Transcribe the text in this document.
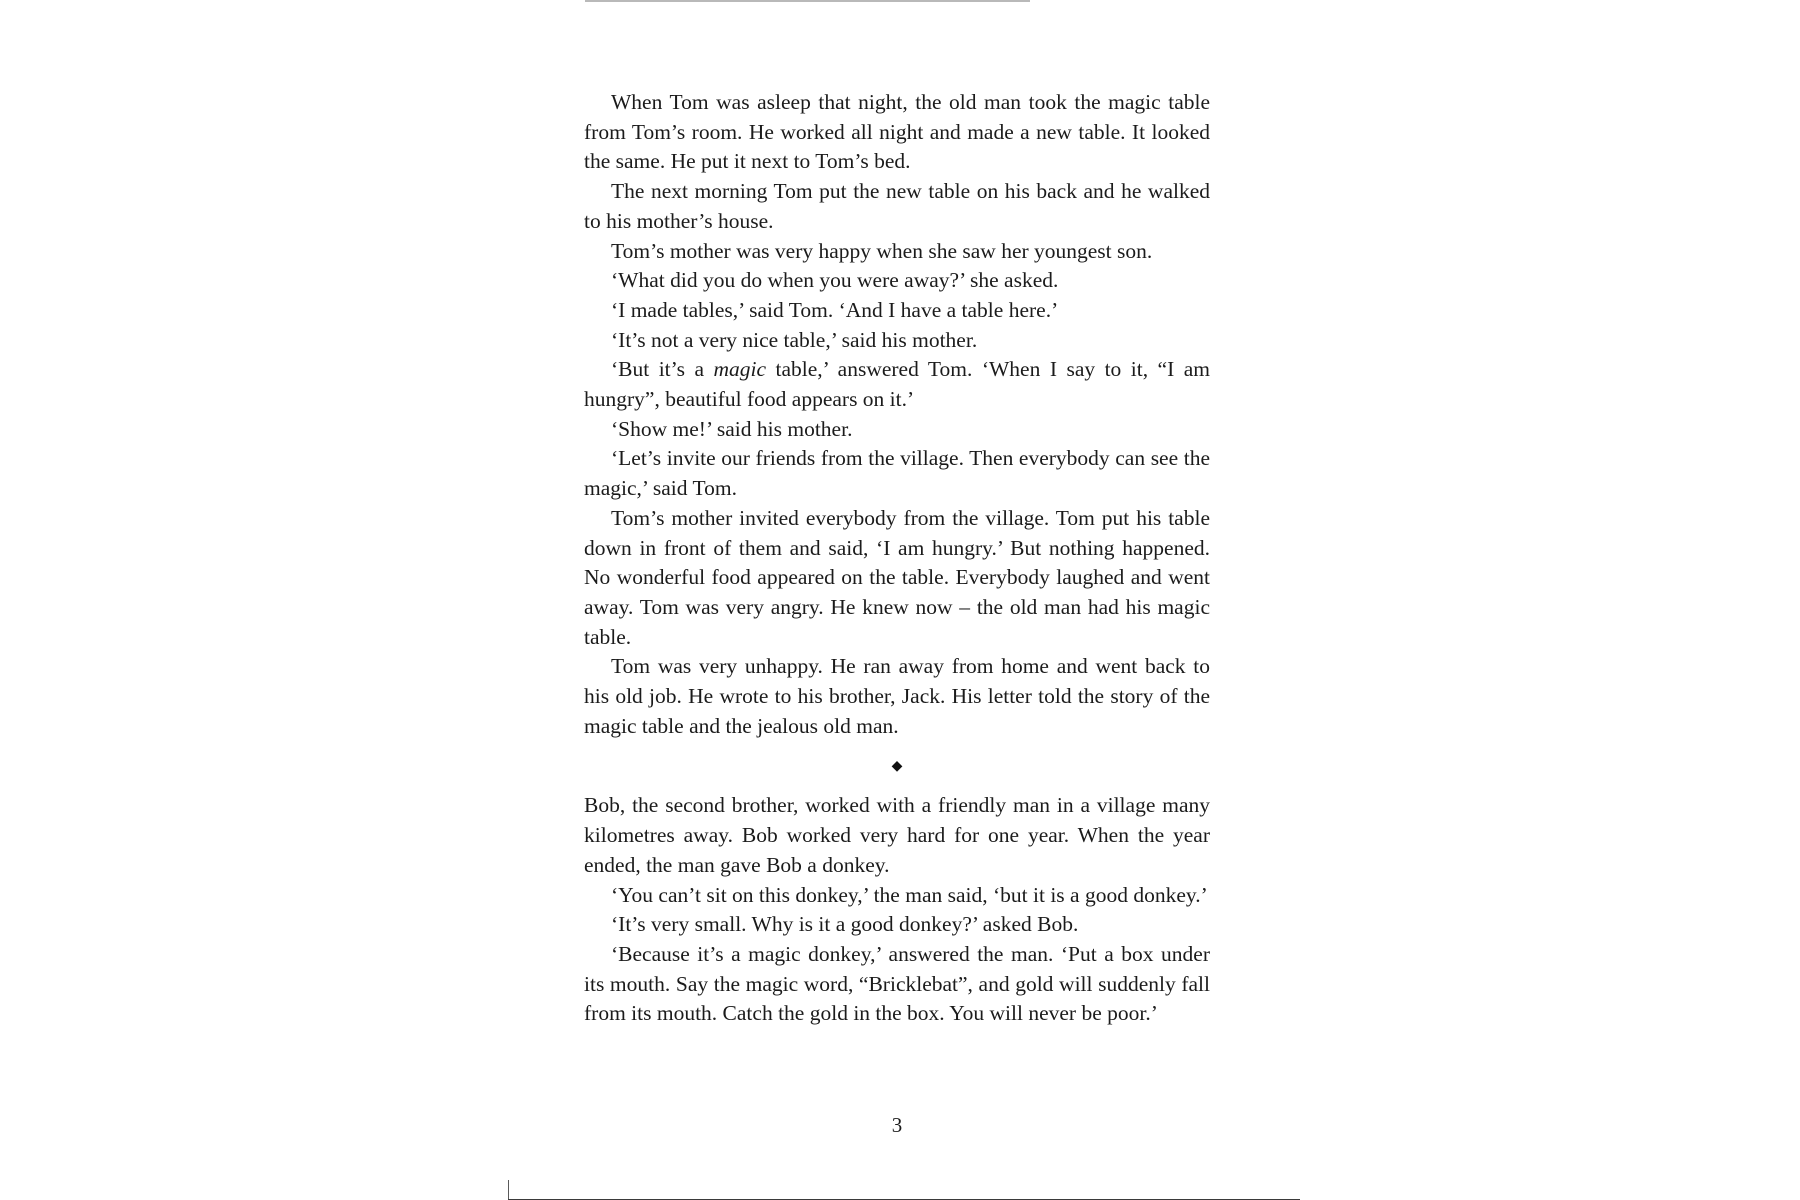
When Tom was asleep that night, the old man took the magic table from Tom’s room. He worked all night and made a new table. It looked the same. He put it next to Tom’s bed.

The next morning Tom put the new table on his back and he walked to his mother’s house.

Tom’s mother was very happy when she saw her youngest son.

‘What did you do when you were away?’ she asked.

‘I made tables,’ said Tom. ‘And I have a table here.’

‘It’s not a very nice table,’ said his mother.

‘But it’s a magic table,’ answered Tom. ‘When I say to it, “I am hungry”, beautiful food appears on it.’

‘Show me!’ said his mother.

‘Let’s invite our friends from the village. Then everybody can see the magic,’ said Tom.

Tom’s mother invited everybody from the village. Tom put his table down in front of them and said, ‘I am hungry.’ But nothing happened. No wonderful food appeared on the table. Everybody laughed and went away. Tom was very angry. He knew now – the old man had his magic table.

Tom was very unhappy. He ran away from home and went back to his old job. He wrote to his brother, Jack. His letter told the story of the magic table and the jealous old man.

◆

Bob, the second brother, worked with a friendly man in a village many kilometres away. Bob worked very hard for one year. When the year ended, the man gave Bob a donkey.

‘You can’t sit on this donkey,’ the man said, ‘but it is a good donkey.’

‘It’s very small. Why is it a good donkey?’ asked Bob.

‘Because it’s a magic donkey,’ answered the man. ‘Put a box under its mouth. Say the magic word, “Bricklebat”, and gold will suddenly fall from its mouth. Catch the gold in the box. You will never be poor.’

3
